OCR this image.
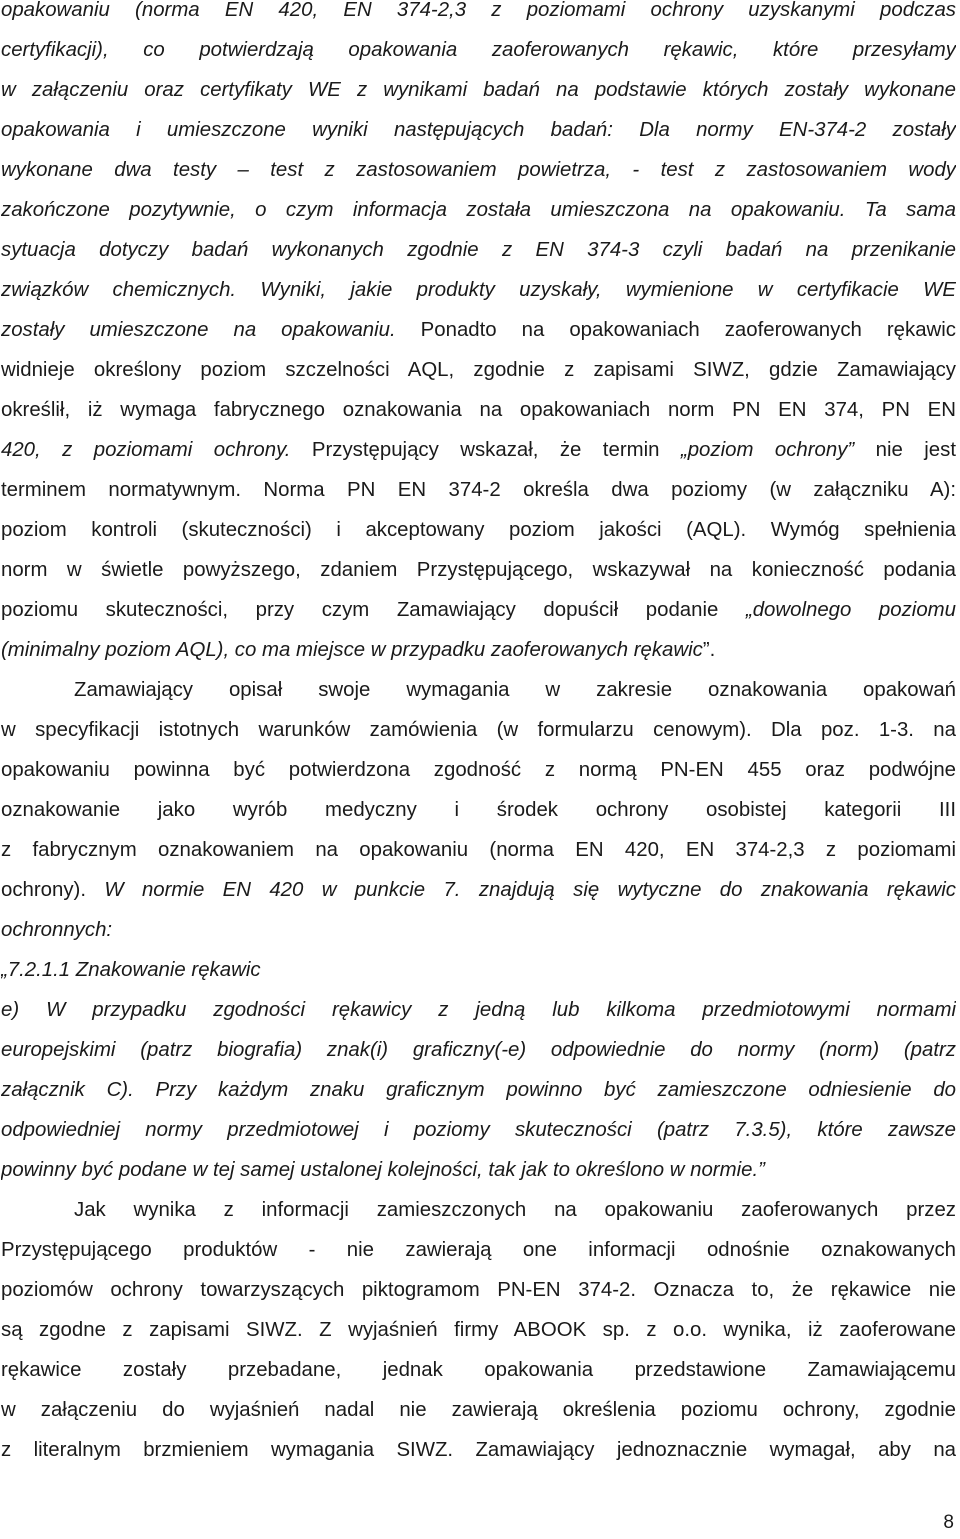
opakowaniu (norma EN 420, EN 374-2,3 z poziomami ochrony uzyskanymi podczas
certyfikacji), co potwierdzają opakowania zaoferowanych rękawic, które przesyłamy
w załączeniu oraz certyfikaty WE z wynikami badań na podstawie których zostały wykonane
opakowania i umieszczone wyniki następujących badań: Dla normy EN-374-2 zostały
wykonane dwa testy – test z zastosowaniem powietrza, - test z zastosowaniem wody
zakończone pozytywnie, o czym informacja została umieszczona na opakowaniu. Ta sama
sytuacja dotyczy badań wykonanych zgodnie z EN 374-3 czyli badań na przenikanie
związków chemicznych. Wyniki, jakie produkty uzyskały, wymienione w certyfikacie WE
zostały umieszczone na opakowaniu. Ponadto na opakowaniach zaoferowanych rękawic
widnieje określony poziom szczelności AQL, zgodnie z zapisami SIWZ, gdzie Zamawiający
określił, iż wymaga fabrycznego oznakowania na opakowaniach norm PN EN 374, PN EN
420, z poziomami ochrony. Przystępujący wskazał, że termin „poziom ochrony” nie jest
terminem normatywnym. Norma PN EN 374-2 określa dwa poziomy (w załączniku A):
poziom kontroli (skuteczności) i akceptowany poziom jakości (AQL). Wymóg spełnienia
norm w świetle powyższego, zdaniem Przystępującego, wskazywał na konieczność podania
poziomu skuteczności, przy czym Zamawiający dopuścił podanie „dowolnego poziomu
(minimalny poziom AQL), co ma miejsce w przypadku zaoferowanych rękawic”.
Zamawiający opisał swoje wymagania w zakresie oznakowania opakowań
w specyfikacji istotnych warunków zamówienia (w formularzu cenowym). Dla poz. 1-3. na
opakowaniu powinna być potwierdzona zgodność z normą PN-EN 455 oraz podwójne
oznakowanie jako wyrób medyczny i środek ochrony osobistej kategorii III
z fabrycznym oznakowaniem na opakowaniu (norma EN 420, EN 374-2,3 z poziomami
ochrony). W normie EN 420 w punkcie 7. znajdują się wytyczne do znakowania rękawic
ochronnych:
„7.2.1.1 Znakowanie rękawic
e) W przypadku zgodności rękawicy z jedną lub kilkoma przedmiotowymi normami
europejskimi (patrz biografia) znak(i) graficzny(-e) odpowiednie do normy (norm) (patrz
załącznik C). Przy każdym znaku graficznym powinno być zamieszczone odniesienie do
odpowiedniej normy przedmiotowej i poziomy skuteczności (patrz 7.3.5), które zawsze
powinny być podane w tej samej ustalonej kolejności, tak jak to określono w normie.”
Jak wynika z informacji zamieszczonych na opakowaniu zaoferowanych przez
Przystępującego produktów - nie zawierają one informacji odnośnie oznakowanych
poziomów ochrony towarzyszących piktogramom PN-EN 374-2. Oznacza to, że rękawice nie
są zgodne z zapisami SIWZ. Z wyjaśnień firmy ABOOK sp. z o.o. wynika, iż zaoferowane
rękawice zostały przebadane, jednak opakowania przedstawione Zamawiającemu
w załączeniu do wyjaśnień nadal nie zawierają określenia poziomu ochrony, zgodnie
z literalnym brzmieniem wymagania SIWZ. Zamawiający jednoznacznie wymagał, aby na
8
